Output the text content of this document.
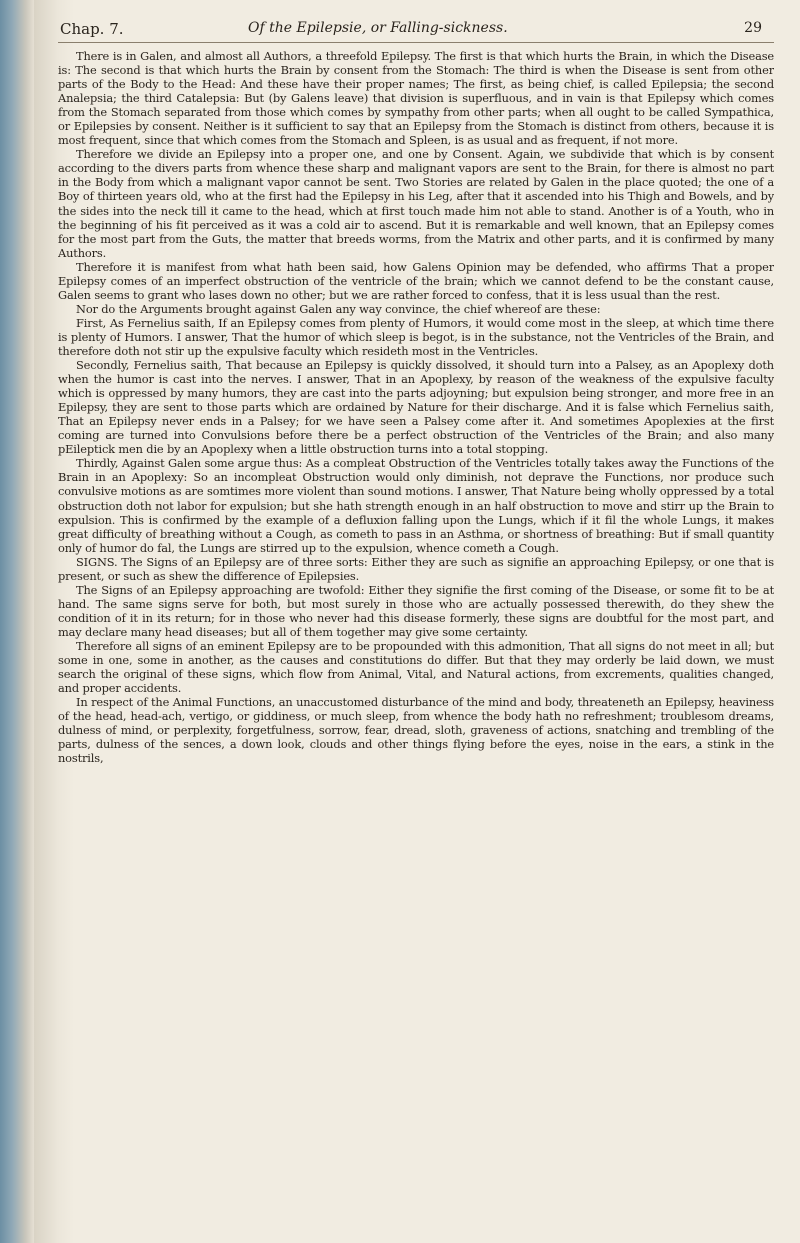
Chap. 7.	Of the Epilepsie, or Falling-sickness.	29

There is in Galen, and almost all Authors, a threefold Epilepsy. The first is that which hurts the Brain, in which the Disease is: The second is that which hurts the Brain by consent from the Stomach: The third is when the Disease is sent from other parts of the Body to the Head: And these have their proper names; The first, as being chief, is called Epilepsia; the second Analepsia; the third Catalepsia: But (by Galens leave) that division is superfluous, and in vain is that Epilepsy which comes from the Stomach separated from those which comes by sympathy from other parts; when all ought to be called Sympathica, or Epilepsies by consent. Neither is it sufficient to say that an Epilepsy from the Stomach is distinct from others, because it is most frequent, since that which comes from the Stomach and Spleen, is as usual and as frequent, if not more.

Therefore we divide an Epilepsy into a proper one, and one by Consent. Again, we subdivide that which is by consent according to the divers parts from whence these sharp and malignant vapors are sent to the Brain, for there is almost no part in the Body from which a malignant vapor cannot be sent. Two Stories are related by Galen in the place quoted; the one of a Boy of thirteen years old, who at the first had the Epilepsy in his Leg, after that it ascended into his Thigh and Bowels, and by the sides into the neck till it came to the head, which at first touch made him not able to stand. Another is of a Youth, who in the beginning of his fit perceived as it was a cold air to ascend. But it is remarkable and well known, that an Epilepsy comes for the most part from the Guts, the matter that breeds worms, from the Matrix and other parts, and it is confirmed by many Authors.

Therefore it is manifest from what hath been said, how Galens Opinion may be defended, who affirms That a proper Epilepsy comes of an imperfect obstruction of the ventricle of the brain; which we cannot defend to be the constant cause, Galen seems to grant who lases down no other; but we are rather forced to confess, that it is less usual than the rest.

Nor do the Arguments brought against Galen any way convince, the chief whereof are these:

First, As Fernelius saith, If an Epilepsy comes from plenty of Humors, it would come most in the sleep, at which time there is plenty of Humors. I answer, That the humor of which sleep is begot, is in the substance, not the Ventricles of the Brain, and therefore doth not stir up the expulsive faculty which resideth most in the Ventricles.

Secondly, Fernelius saith, That because an Epilepsy is quickly dissolved, it should turn into a Palsey, as an Apoplexy doth when the humor is cast into the nerves. I answer, That in an Apoplexy, by reason of the weakness of the expulsive faculty which is oppressed by many humors, they are cast into the parts adjoyning; but expulsion being stronger, and more free in an Epilepsy, they are sent to those parts which are ordained by Nature for their discharge. And it is false which Fernelius saith, That an Epilepsy never ends in a Palsey; for we have seen a Palsey come after it. And sometimes Apoplexies at the first coming are turned into Convulsions before there be a perfect obstruction of the Ventricles of the Brain; and also many pEileptick men die by an Apoplexy when a little obstruction turns into a total stopping.

Thirdly, Against Galen some argue thus: As a compleat Obstruction of the Ventricles totally takes away the Functions of the Brain in an Apoplexy: So an incompleat Obstruction would only diminish, not deprave the Functions, nor produce such convulsive motions as are somtimes more violent than sound motions. I answer, That Nature being wholly oppressed by a total obstruction doth not labor for expulsion; but she hath strength enough in an half obstruction to move and stirr up the Brain to expulsion. This is confirmed by the example of a defluxion falling upon the Lungs, which if it fil the whole Lungs, it makes great difficulty of breathing without a Cough, as cometh to pass in an Asthma, or shortness of breathing: But if small quantity only of humor do fal, the Lungs are stirred up to the expulsion, whence cometh a Cough.

SIGNS. The Signs of an Epilepsy are of three sorts: Either they are such as signifie an approaching Epilepsy, or one that is present, or such as shew the difference of Epilepsies.

The Signs of an Epilepsy approaching are twofold: Either they signifie the first coming of the Disease, or some fit to be at hand. The same signs serve for both, but most surely in those who are actually possessed therewith, do they shew the condition of it in its return; for in those who never had this disease formerly, these signs are doubtful for the most part, and may declare many head diseases; but all of them together may give some certainty.

Therefore all signs of an eminent Epilepsy are to be propounded with this admonition, That all signs do not meet in all; but some in one, some in another, as the causes and constitutions do differ. But that they may orderly be laid down, we must search the original of these signs, which flow from Animal, Vital, and Natural actions, from excrements, qualities changed, and proper accidents.

In respect of the Animal Functions, an unaccustomed disturbance of the mind and body, threateneth an Epilepsy, heaviness of the head, head-ach, vertigo, or giddiness, or much sleep, from whence the body hath no refreshment; troublesom dreams, dulness of mind, or perplexity, forgetfulness, sorrow, fear, dread, sloth, graveness of actions, snatching and trembling of the parts, dulness of the sences, a down look, clouds and other things flying before the eyes, noise in the ears, a stink in the nostrils,
